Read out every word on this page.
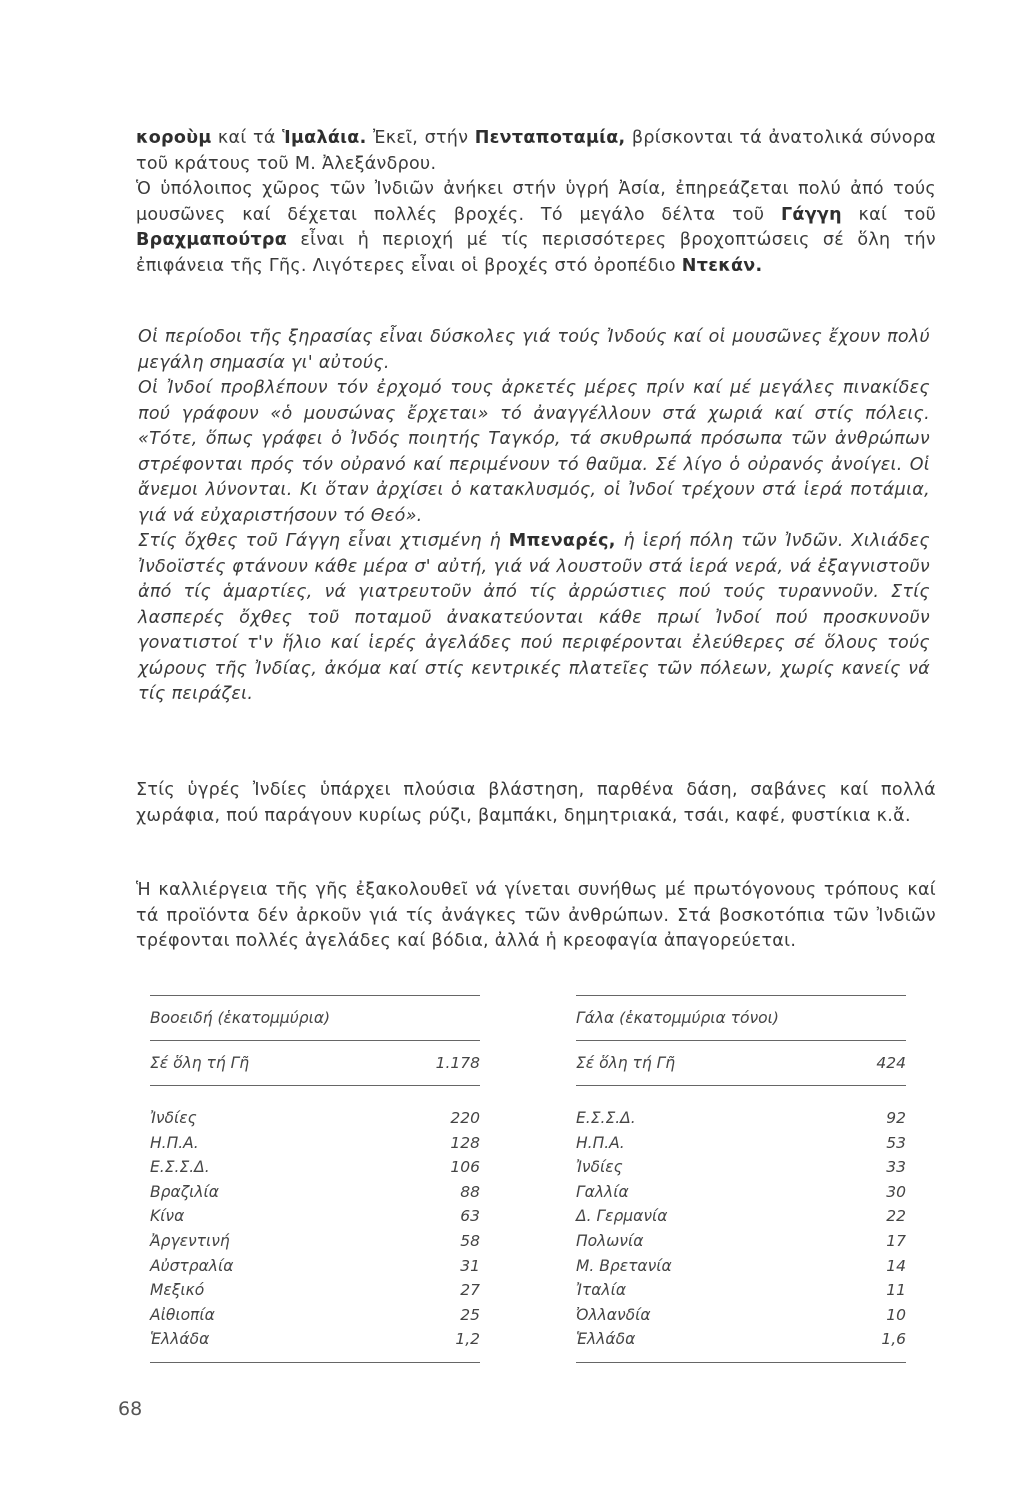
κοροὺμ καί τά Ἱμαλάια. Ἐκεῖ, στήν Πενταποταμία, βρίσκονται τά ἀνατολικά σύνορα τοῦ κράτους τοῦ Μ. Ἀλεξάνδρου.

Ὁ ὑπόλοιπος χῶρος τῶν Ἰνδιῶν ἀνήκει στήν ὑγρή Ἀσία, ἐπηρεάζεται πολύ ἀπό τούς μουσῶνες καί δέχεται πολλές βροχές. Τό μεγάλο δέλτα τοῦ Γάγγη καί τοῦ Βραχμαπούτρα εἶναι ἡ περιοχή μέ τίς περισσότερες βροχοπτώσεις σέ ὅλη τήν ἐπιφάνεια τῆς Γῆς. Λιγότερες εἶναι οἱ βροχές στό ὀροπέδιο Ντεκάν.

Οἱ περίοδοι τῆς ξηρασίας εἶναι δύσκολες γιά τούς Ἰνδούς καί οἱ μουσῶνες ἔχουν πολύ μεγάλη σημασία γι' αὐτούς.

Οἱ Ἰνδοί προβλέπουν τόν ἐρχομό τους ἀρκετές μέρες πρίν καί μέ μεγάλες πινακίδες πού γράφουν «ὁ μουσώνας ἔρχεται» τό ἀναγγέλλουν στά χωριά καί στίς πόλεις. «Τότε, ὅπως γράφει ὁ Ἰνδός ποιητής Ταγκόρ, τά σκυθρωπά πρόσωπα τῶν ἀνθρώπων στρέφονται πρός τόν οὐρανό καί περιμένουν τό θαῦμα. Σέ λίγο ὁ οὐρανός ἀνοίγει. Οἱ ἄνεμοι λύνονται. Κι ὅταν ἀρχίσει ὁ κατακλυσμός, οἱ Ἰνδοί τρέχουν στά ἱερά ποτάμια, γιά νά εὐχαριστήσουν τό Θεό».

Στίς ὄχθες τοῦ Γάγγη εἶναι χτισμένη ἡ Μπεναρές, ἡ ἱερή πόλη τῶν Ἰνδῶν. Χιλιάδες Ἰνδοϊστές φτάνουν κάθε μέρα σ' αὐτή, γιά νά λουστοῦν στά ἱερά νερά, νά ἐξαγνιστοῦν ἀπό τίς ἁμαρτίες, νά γιατρευτοῦν ἀπό τίς ἀρρώστιες πού τούς τυραννοῦν. Στίς λασπερές ὄχθες τοῦ ποταμοῦ ἀνακατεύονται κάθε πρωί Ἰνδοί πού προσκυνοῦν γονατιστοί τ'ν ἥλιο καί ἱερές ἀγελάδες πού περιφέρονται ἐλεύθερες σέ ὅλους τούς χώρους τῆς Ἰνδίας, ἀκόμα καί στίς κεντρικές πλατεῖες τῶν πόλεων, χωρίς κανείς νά τίς πειράζει.

Στίς ὑγρές Ἰνδίες ὑπάρχει πλούσια βλάστηση, παρθένα δάση, σαβάνες καί πολλά χωράφια, πού παράγουν κυρίως ρύζι, βαμπάκι, δημητριακά, τσάι, καφέ, φυστίκια κ.ἄ.

Ἡ καλλιέργεια τῆς γῆς ἐξακολουθεῖ νά γίνεται συνήθως μέ πρωτόγονους τρόπους καί τά προϊόντα δέν ἀρκοῦν γιά τίς ἀνάγκες τῶν ἀνθρώπων. Στά βοσκοτόπια τῶν Ἰνδιῶν τρέφονται πολλές ἀγελάδες καί βόδια, ἀλλά ἡ κρεοφαγία ἀπαγορεύεται.

Βοοειδή (ἑκατομμύρια)
Σέ ὅλη τή Γῆ	1.178
Ἰνδίες	220
Η.Π.Α.	128
Ε.Σ.Σ.Δ.	106
Βραζιλία	88
Κίνα	63
Ἀργεντινή	58
Αὐστραλία	31
Μεξικό	27
Αἰθιοπία	25
Ἑλλάδα	1,2
Γάλα (ἑκατομμύρια τόνοι)
Σέ ὅλη τή Γῆ	424
Ε.Σ.Σ.Δ.	92
Η.Π.Α.	53
Ἰνδίες	33
Γαλλία	30
Δ. Γερμανία	22
Πολωνία	17
Μ. Βρετανία	14
Ἰταλία	11
Ὀλλανδία	10
Ἑλλάδα	1,6
68
